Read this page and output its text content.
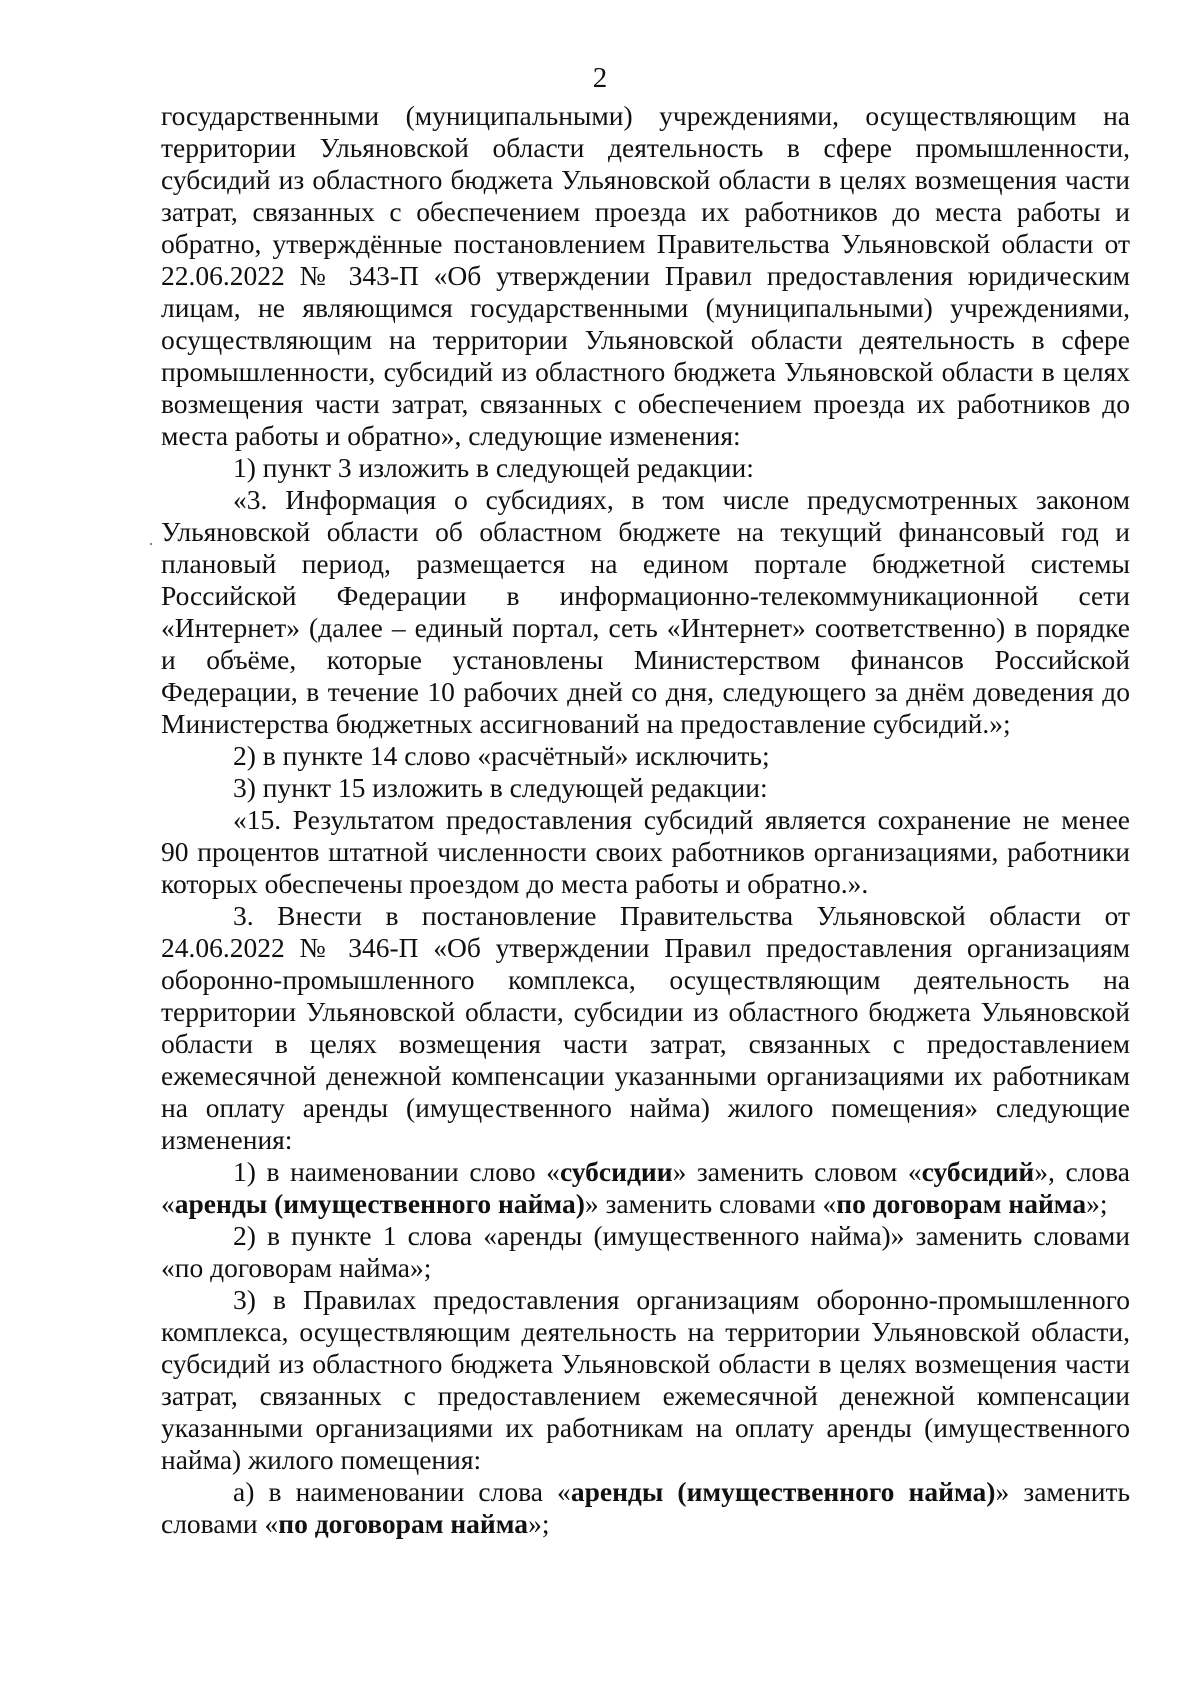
2

государственными (муниципальными) учреждениями, осуществляющим на территории Ульяновской области деятельность в сфере промышленности, субсидий из областного бюджета Ульяновской области в целях возмещения части затрат, связанных с обеспечением проезда их работников до места работы и обратно, утверждённые постановлением Правительства Ульяновской области от 22.06.2022 № 343-П «Об утверждении Правил предоставления юридическим лицам, не являющимся государственными (муниципальными) учреждениями, осуществляющим на территории Ульяновской области деятельность в сфере промышленности, субсидий из областного бюджета Ульяновской области в целях возмещения части затрат, связанных с обеспечением проезда их работников до места работы и обратно», следующие изменения:

1) пункт 3 изложить в следующей редакции:

«3. Информация о субсидиях, в том числе предусмотренных законом Ульяновской области об областном бюджете на текущий финансовый год и плановый период, размещается на едином портале бюджетной системы Российской Федерации в информационно-телекоммуникационной сети «Интернет» (далее – единый портал, сеть «Интернет» соответственно) в порядке и объёме, которые установлены Министерством финансов Российской Федерации, в течение 10 рабочих дней со дня, следующего за днём доведения до Министерства бюджетных ассигнований на предоставление субсидий.»;

2) в пункте 14 слово «расчётный» исключить;

3) пункт 15 изложить в следующей редакции:

«15. Результатом предоставления субсидий является сохранение не менее 90 процентов штатной численности своих работников организациями, работники которых обеспечены проездом до места работы и обратно.».

3. Внести в постановление Правительства Ульяновской области от 24.06.2022 № 346-П «Об утверждении Правил предоставления организациям оборонно-промышленного комплекса, осуществляющим деятельность на территории Ульяновской области, субсидии из областного бюджета Ульяновской области в целях возмещения части затрат, связанных с предоставлением ежемесячной денежной компенсации указанными организациями их работникам на оплату аренды (имущественного найма) жилого помещения» следующие изменения:

1) в наименовании слово «субсидии» заменить словом «субсидий», слова «аренды (имущественного найма)» заменить словами «по договорам найма»;

2) в пункте 1 слова «аренды (имущественного найма)» заменить словами «по договорам найма»;

3) в Правилах предоставления организациям оборонно-промышленного комплекса, осуществляющим деятельность на территории Ульяновской области, субсидий из областного бюджета Ульяновской области в целях возмещения части затрат, связанных с предоставлением ежемесячной денежной компенсации указанными организациями их работникам на оплату аренды (имущественного найма) жилого помещения:

а) в наименовании слова «аренды (имущественного найма)» заменить словами «по договорам найма»;
